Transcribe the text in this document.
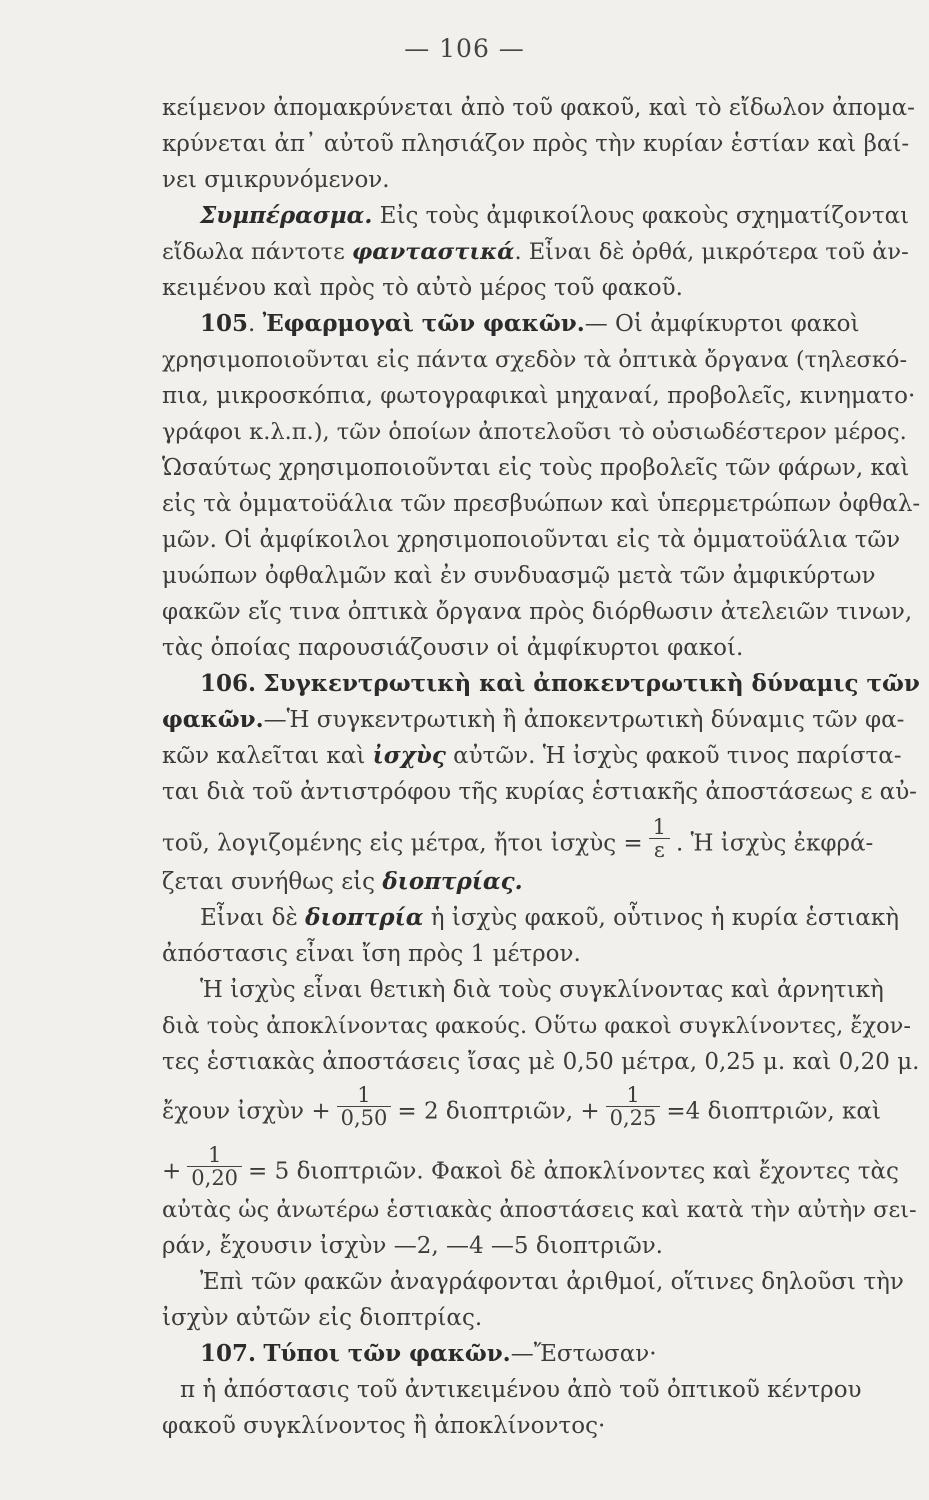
— 106 —
κείμενον ἀπομακρύνεται ἀπὸ τοῦ φακοῦ, καὶ τὸ εἴδωλον ἀπομα-
κρύνεται ἀπ᾿ αὐτοῦ πλησιάζον πρὸς τὴν κυρίαν ἑστίαν καὶ βαί-
νει σμικρυνόμενον.
Συμπέρασμα. Εἰς τοὺς ἀμφικοίλους φακοὺς σχηματίζονται
εἴδωλα πάντοτε φανταστικά. Εἶναι δὲ ὀρθά, μικρότερα τοῦ ἀν-
κειμένου καὶ πρὸς τὸ αὐτὸ μέρος τοῦ φακοῦ.
105. Ἐφαρμογαὶ τῶν φακῶν.— Οἱ ἀμφίκυρτοι φακοὶ
χρησιμοποιοῦνται εἰς πάντα σχεδὸν τὰ ὀπτικὰ ὄργανα (τηλεσκό-
πια, μικροσκόπια, φωτογραφικαὶ μηχαναί, προβολεῖς, κινηματο·
γράφοι κ.λ.π.), τῶν ὁποίων ἀποτελοῦσι τὸ οὐσιωδέστερον μέρος.
Ὡσαύτως χρησιμοποιοῦνται εἰς τοὺς προβολεῖς τῶν φάρων, καὶ
εἰς τὰ ὀμματοϋάλια τῶν πρεσβυώπων καὶ ὑπερμετρώπων ὀφθαλ-
μῶν. Οἱ ἀμφίκοιλοι χρησιμοποιοῦνται εἰς τὰ ὀμματοϋάλια τῶν
μυώπων ὀφθαλμῶν καὶ ἐν συνδυασμῷ μετὰ τῶν ἀμφικύρτων
φακῶν εἴς τινα ὀπτικὰ ὄργανα πρὸς διόρθωσιν ἀτελειῶν τινων,
τὰς ὁποίας παρουσιάζουσιν οἱ ἀμφίκυρτοι φακοί.
106. Συγκεντρωτικὴ καὶ ἀποκεντρωτικὴ δύναμις τῶν
φακῶν.—Ἡ συγκεντρωτικὴ ἢ ἀποκεντρωτικὴ δύναμις τῶν φα-
κῶν καλεῖται καὶ ἰσχὺς αὐτῶν. Ἡ ἰσχὺς φακοῦ τινος παρίστα-
ται διὰ τοῦ ἀντιστρόφου τῆς κυρίας ἑστιακῆς ἀποστάσεως ε αὐ-
τοῦ, λογιζομένης εἰς μέτρα, ἤτοι ἰσχὺς = $\frac{1}{\varepsilon}$ . Ἡ ἰσχὺς ἐκφρά-
ζεται συνήθως εἰς διοπτρίας.
Εἶναι δὲ διοπτρία ἡ ἰσχὺς φακοῦ, οὗτινος ἡ κυρία ἑστιακὴ
ἀπόστασις εἶναι ἴση πρὸς 1 μέτρον.
Ἡ ἰσχὺς εἶναι θετικὴ διὰ τοὺς συγκλίνοντας καὶ ἀρνητικὴ
διὰ τοὺς ἀποκλίνοντας φακούς. Οὕτω φακοὶ συγκλίνοντες, ἔχον-
τες ἑστιακὰς ἀποστάσεις ἴσας μὲ 0,50 μέτρα, 0,25 μ. καὶ 0,20 μ.
ἔχουν ἰσχὺν + $\frac{1}{0,50} = 2$ διοπτριῶν, + $\frac{1}{0,25} =4$ διοπτριῶν, καὶ
+ $\frac{1}{0,20} = 5$ διοπτριῶν. Φακοὶ δὲ ἀποκλίνοντες καὶ ἔχοντες τὰς
αὐτὰς ὡς ἀνωτέρω ἑστιακὰς ἀποστάσεις καὶ κατὰ τὴν αὐτὴν σει-
ράν, ἔχουσιν ἰσχὺν —2, —4 —5 διοπτριῶν.
Ἐπὶ τῶν φακῶν ἀναγράφονται ἀριθμοί, οἵτινες δηλοῦσι τὴν
ἰσχὺν αὐτῶν εἰς διοπτρίας.
107. Τύποι τῶν φακῶν.—Ἔστωσαν·
π ἡ ἀπόστασις τοῦ ἀντικειμένου ἀπὸ τοῦ ὀπτικοῦ κέντρου
φακοῦ συγκλίνοντος ἢ ἀποκλίνοντος·
